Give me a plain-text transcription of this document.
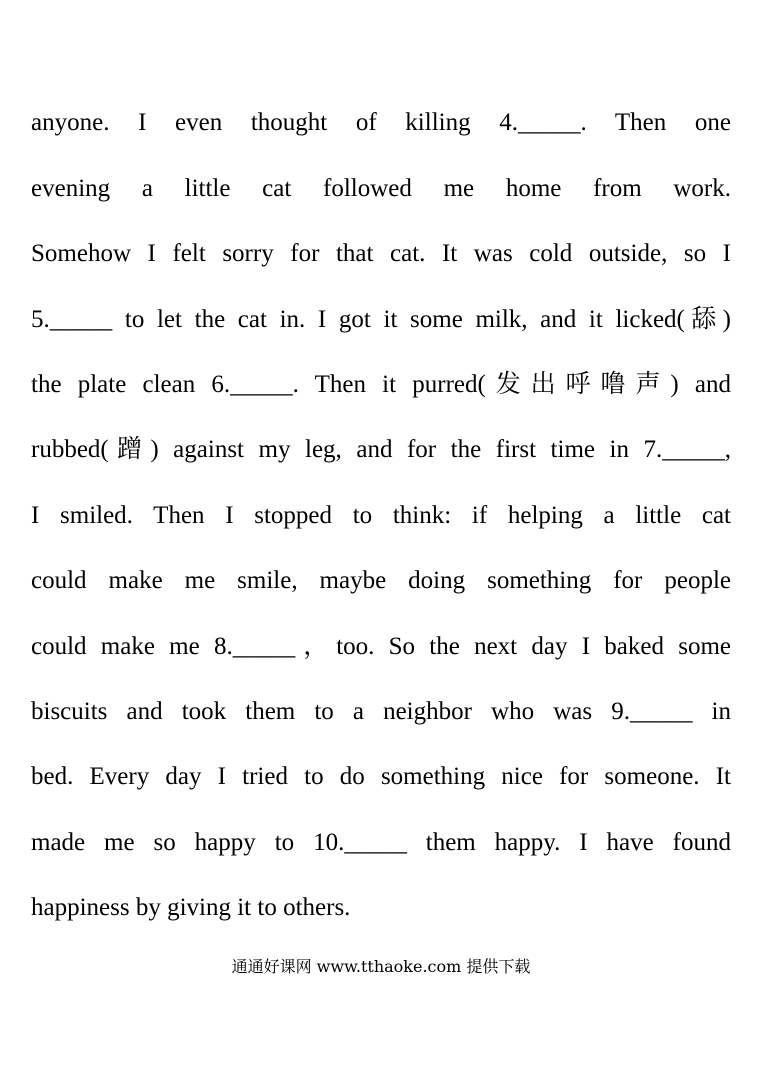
anyone. I even thought of killing 4._____. Then one
evening a little cat followed me home from work.
Somehow I felt sorry for that cat. It was cold outside, so I
5._____ to let the cat in. I got it some milk, and it licked(舔)
the plate clean 6._____. Then it purred(发出呼噜声) and
rubbed(蹭) against my leg, and for the first time in 7._____,
I smiled. Then I stopped to think: if helping a little cat
could make me smile, maybe doing something for people
could make me 8._____，too. So the next day I baked some
biscuits and took them to a neighbor who was 9._____ in
bed. Every day I tried to do something nice for someone. It
made me so happy to 10._____ them happy. I have found
happiness by giving it to others.
通通好课网 www.tthaoke.com 提供下载
